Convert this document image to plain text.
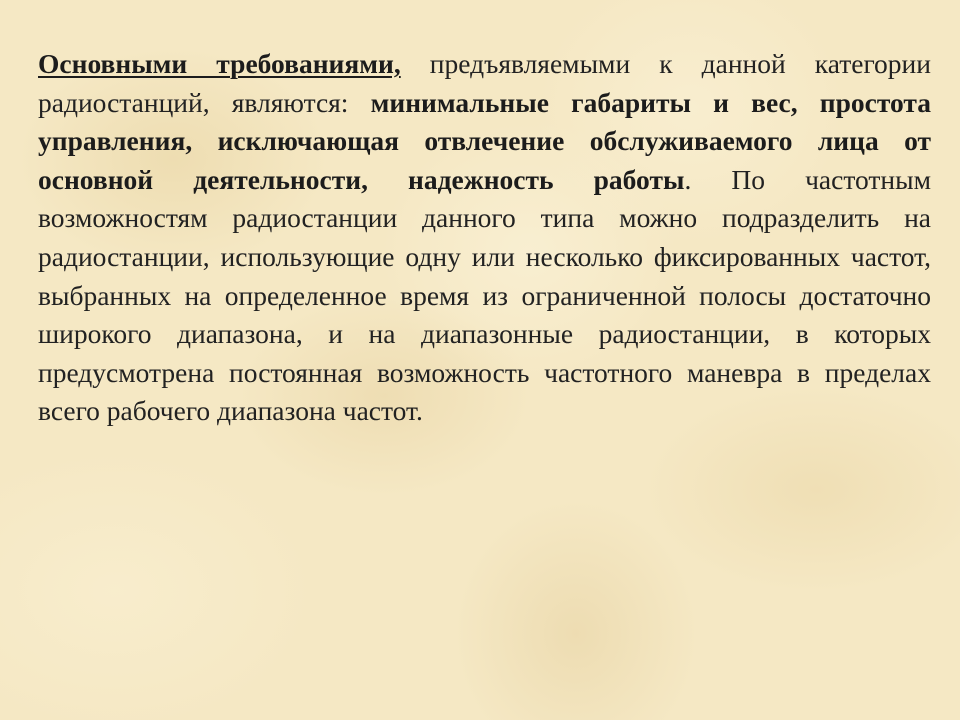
Основными требованиями, предъявляемыми к данной категории радиостанций, являются: минимальные габариты и вес, простота управления, исключающая отвлечение обслуживаемого лица от основной деятельности, надежность работы. По частотным возможностям радиостанции данного типа можно подразделить на радиостанции, использующие одну или несколько фиксированных частот, выбранных на определенное время из ограниченной полосы достаточно широкого диапазона, и на диапазонные радиостанции, в которых предусмотрена постоянная возможность частотного маневра в пределах всего рабочего диапазона частот.
